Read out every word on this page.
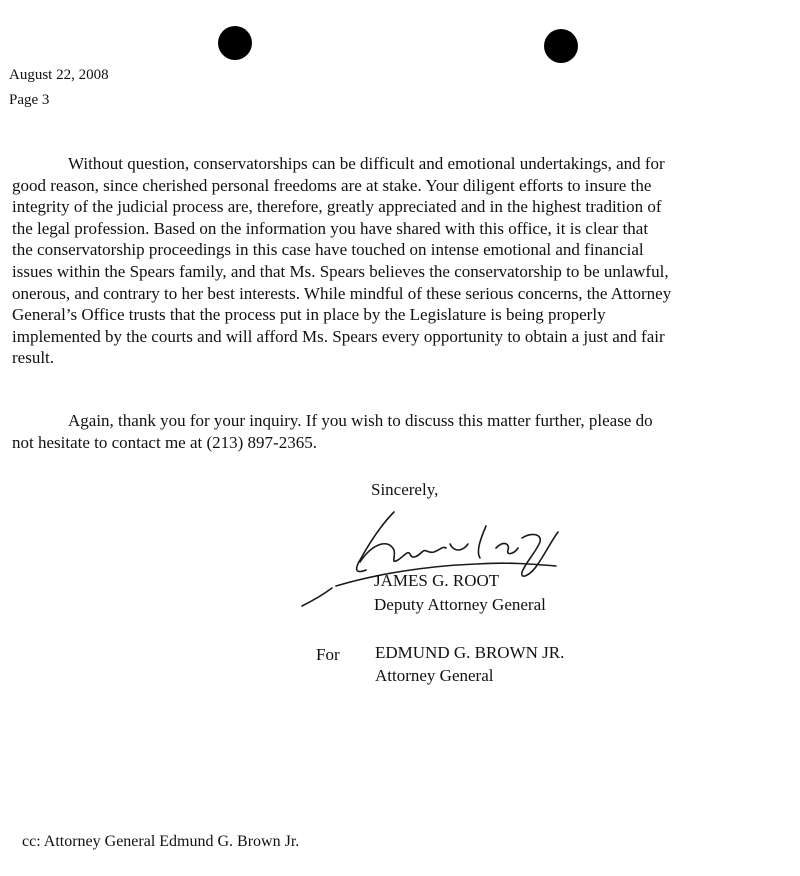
August 22, 2008
Page 3

Without question, conservatorships can be difficult and emotional undertakings, and for
good reason, since cherished personal freedoms are at stake. Your diligent efforts to insure the
integrity of the judicial process are, therefore, greatly appreciated and in the highest tradition of
the legal profession. Based on the information you have shared with this office, it is clear that
the conservatorship proceedings in this case have touched on intense emotional and financial
issues within the Spears family, and that Ms. Spears believes the conservatorship to be unlawful,
onerous, and contrary to her best interests. While mindful of these serious concerns, the Attorney
General’s Office trusts that the process put in place by the Legislature is being properly
implemented by the courts and will afford Ms. Spears every opportunity to obtain a just and fair
result.

Again, thank you for your inquiry. If you wish to discuss this matter further, please do
not hesitate to contact me at (213) 897-2365.

Sincerely,
JAMES G. ROOT
Deputy Attorney General
For EDMUND G. BROWN JR.
Attorney General
cc: Attorney General Edmund G. Brown Jr.
